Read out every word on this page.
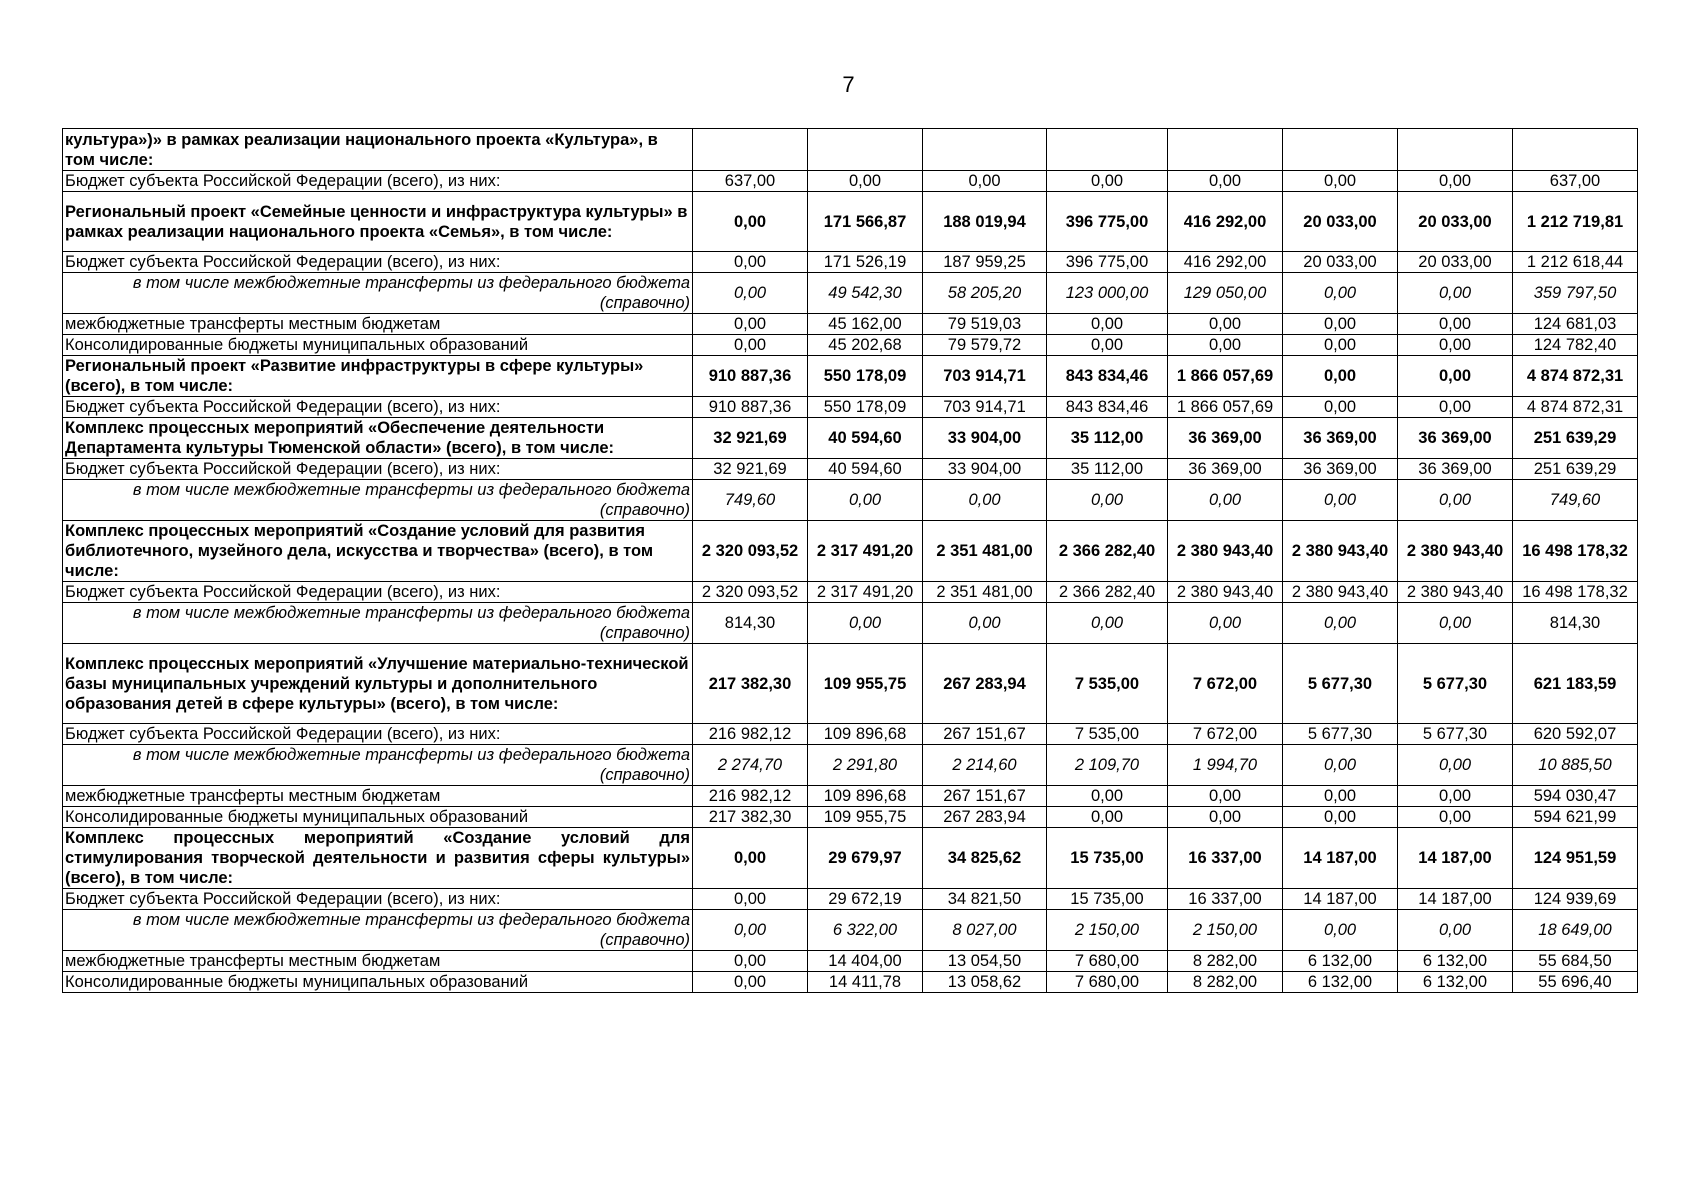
7
культура»)» в рамках реализации национального проекта «Культура», в том числе:								
Бюджет субъекта Российской Федерации (всего), из них:	637,00	0,00	0,00	0,00	0,00	0,00	0,00	637,00
Региональный проект «Семейные ценности и инфраструктура культуры» в рамках реализации национального проекта «Семья», в том числе:	0,00	171 566,87	188 019,94	396 775,00	416 292,00	20 033,00	20 033,00	1 212 719,81
Бюджет субъекта Российской Федерации (всего), из них:	0,00	171 526,19	187 959,25	396 775,00	416 292,00	20 033,00	20 033,00	1 212 618,44
в том числе межбюджетные трансферты из федерального бюджета (справочно)	0,00	49 542,30	58 205,20	123 000,00	129 050,00	0,00	0,00	359 797,50
межбюджетные трансферты местным бюджетам	0,00	45 162,00	79 519,03	0,00	0,00	0,00	0,00	124 681,03
Консолидированные бюджеты муниципальных образований	0,00	45 202,68	79 579,72	0,00	0,00	0,00	0,00	124 782,40
Региональный проект «Развитие инфраструктуры в сфере культуры» (всего), в том числе:	910 887,36	550 178,09	703 914,71	843 834,46	1 866 057,69	0,00	0,00	4 874 872,31
Бюджет субъекта Российской Федерации (всего), из них:	910 887,36	550 178,09	703 914,71	843 834,46	1 866 057,69	0,00	0,00	4 874 872,31
Комплекс процессных мероприятий «Обеспечение деятельности Департамента культуры Тюменской области» (всего), в том числе:	32 921,69	40 594,60	33 904,00	35 112,00	36 369,00	36 369,00	36 369,00	251 639,29
Бюджет субъекта Российской Федерации (всего), из них:	32 921,69	40 594,60	33 904,00	35 112,00	36 369,00	36 369,00	36 369,00	251 639,29
в том числе межбюджетные трансферты из федерального бюджета (справочно)	749,60	0,00	0,00	0,00	0,00	0,00	0,00	749,60
Комплекс процессных мероприятий «Создание условий для развития библиотечного, музейного дела, искусства и творчества» (всего), в том числе:	2 320 093,52	2 317 491,20	2 351 481,00	2 366 282,40	2 380 943,40	2 380 943,40	2 380 943,40	16 498 178,32
Бюджет субъекта Российской Федерации (всего), из них:	2 320 093,52	2 317 491,20	2 351 481,00	2 366 282,40	2 380 943,40	2 380 943,40	2 380 943,40	16 498 178,32
в том числе межбюджетные трансферты из федерального бюджета (справочно)	814,30	0,00	0,00	0,00	0,00	0,00	0,00	814,30
Комплекс процессных мероприятий «Улучшение материально-технической базы муниципальных учреждений культуры и дополнительного образования детей в сфере культуры» (всего), в том числе:	217 382,30	109 955,75	267 283,94	7 535,00	7 672,00	5 677,30	5 677,30	621 183,59
Бюджет субъекта Российской Федерации (всего), из них:	216 982,12	109 896,68	267 151,67	7 535,00	7 672,00	5 677,30	5 677,30	620 592,07
в том числе межбюджетные трансферты из федерального бюджета (справочно)	2 274,70	2 291,80	2 214,60	2 109,70	1 994,70	0,00	0,00	10 885,50
межбюджетные трансферты местным бюджетам	216 982,12	109 896,68	267 151,67	0,00	0,00	0,00	0,00	594 030,47
Консолидированные бюджеты муниципальных образований	217 382,30	109 955,75	267 283,94	0,00	0,00	0,00	0,00	594 621,99
Комплекс процессных мероприятий «Создание условий для стимулирования творческой деятельности и развития сферы культуры» (всего), в том числе:	0,00	29 679,97	34 825,62	15 735,00	16 337,00	14 187,00	14 187,00	124 951,59
Бюджет субъекта Российской Федерации (всего), из них:	0,00	29 672,19	34 821,50	15 735,00	16 337,00	14 187,00	14 187,00	124 939,69
в том числе межбюджетные трансферты из федерального бюджета (справочно)	0,00	6 322,00	8 027,00	2 150,00	2 150,00	0,00	0,00	18 649,00
межбюджетные трансферты местным бюджетам	0,00	14 404,00	13 054,50	7 680,00	8 282,00	6 132,00	6 132,00	55 684,50
Консолидированные бюджеты муниципальных образований	0,00	14 411,78	13 058,62	7 680,00	8 282,00	6 132,00	6 132,00	55 696,40
